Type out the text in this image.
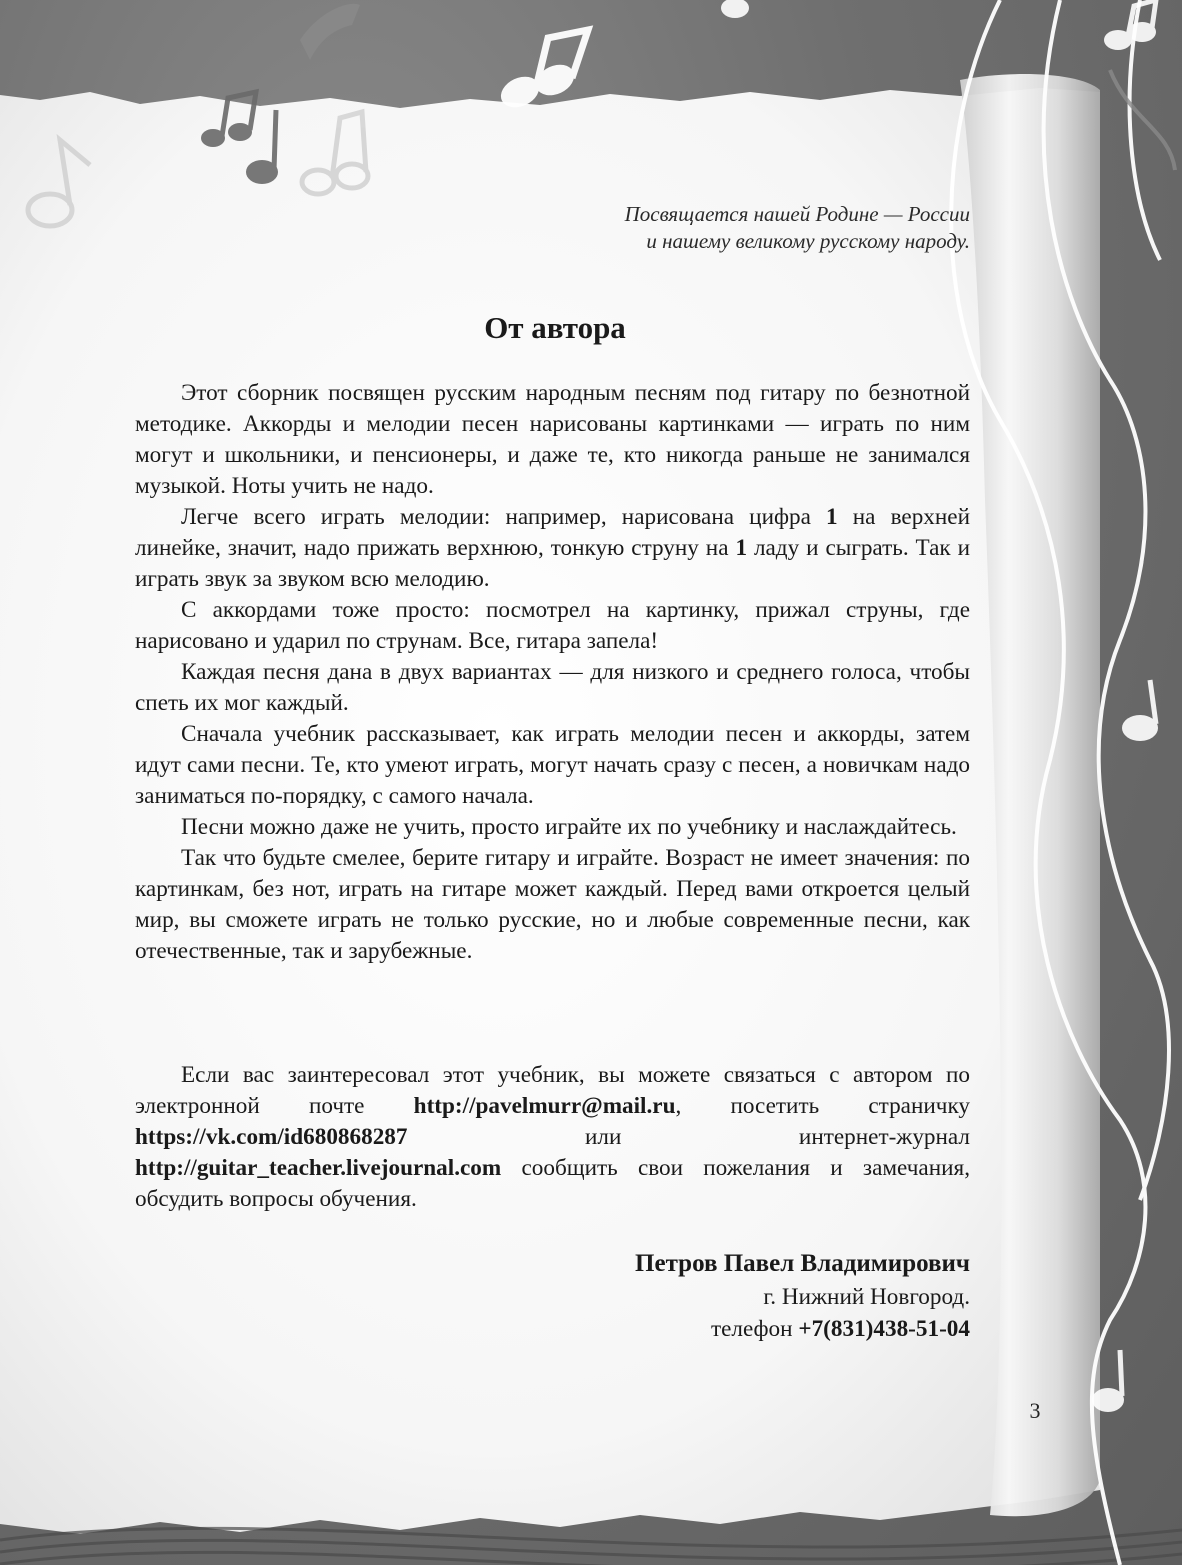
Посвящается нашей Родине — России
и нашему великому русскому народу.
От автора

Этот сборник посвящен русским народным песням под гитару по безнотной методике. Аккорды и мелодии песен нарисованы картинками — играть по ним могут и школьники, и пенсионеры, и даже те, кто никогда раньше не занимался музыкой. Ноты учить не надо.

Легче всего играть мелодии: например, нарисована цифра 1 на верхней линейке, значит, надо прижать верхнюю, тонкую струну на 1 ладу и сыграть. Так и играть звук за звуком всю мелодию.

С аккордами тоже просто: посмотрел на картинку, прижал струны, где нарисовано и ударил по струнам. Все, гитара запела!

Каждая песня дана в двух вариантах — для низкого и среднего голоса, чтобы спеть их мог каждый.

Сначала учебник рассказывает, как играть мелодии песен и аккорды, затем идут сами песни. Те, кто умеют играть, могут начать сразу с песен, а новичкам надо заниматься по-порядку, с самого начала.

Песни можно даже не учить, просто играйте их по учебнику и наслаждайтесь.

Так что будьте смелее, берите гитару и играйте. Возраст не имеет значения: по картинкам, без нот, играть на гитаре может каждый. Перед вами откроется целый мир, вы сможете играть не только русские, но и любые современные песни, как отечественные, так и зарубежные.

Если вас заинтересовал этот учебник, вы можете связаться с автором по электронной почте http://pavelmurr@mail.ru, посетить страничку https://vk.com/id680868287 или интернет-журнал http://guitar_teacher.livejournal.com сообщить свои пожелания и замечания, обсудить вопросы обучения.

Петров Павел Владимирович
г. Нижний Новгород.
телефон +7(831)438-51-04
3
